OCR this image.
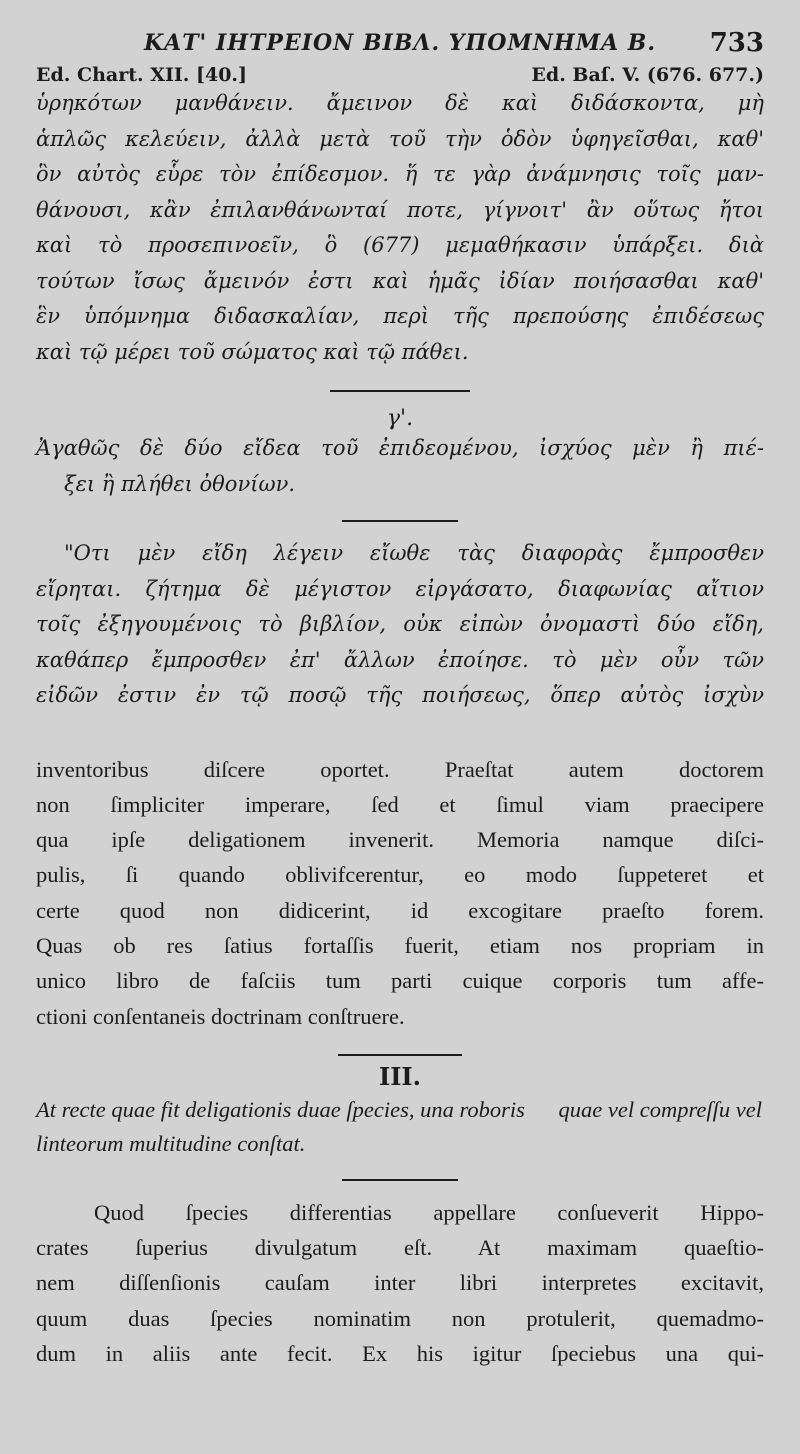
ΚΑΤ' ΙΗΤΡΕΙΟΝ ΒΙΒΛ. ΥΠΟΜΝΗΜΑ Β. 733
Ed. Chart. XII. [40.]	Ed. Baſ. V. (676. 677.)

ὑρηκότων μανθάνειν. ἄμεινον δὲ καὶ διδάσκοντα, μὴ
ἁπλῶς κελεύειν, ἀλλὰ μετὰ τοῦ τὴν ὁδὸν ὑφηγεῖσθαι, καθ'
ὃν αὐτὸς εὗρε τὸν ἐπίδεσμον. ἥ τε γὰρ ἀνάμνησις τοῖς μαν-
θάνουσι, κἂν ἐπιλανθάνωνταί ποτε, γίγνοιτ' ἂν οὕτως ἤτοι
καὶ τὸ προσεπινοεῖν, ὃ (677) μεμαθήκασιν ὑπάρξει. διὰ
τούτων ἴσως ἄμεινόν ἐστι καὶ ἡμᾶς ἰδίαν ποιήσασθαι καθ'
ἓν ὑπόμνημα διδασκαλίαν, περὶ τῆς πρεπούσης ἐπιδέσεως
καὶ τῷ μέρει τοῦ σώματος καὶ τῷ πάθει.

γ'.

Ἀγαθῶς δὲ δύο εἴδεα τοῦ ἐπιδεομένου, ἰσχύος μὲν ἢ πιέ-
ξει ἢ πλήθει ὀθονίων.

"Οτι μὲν εἴδη λέγειν εἴωθε τὰς διαφορὰς ἔμπροσθεν
εἴρηται. ζήτημα δὲ μέγιστον εἰργάσατο, διαφωνίας αἴτιον
τοῖς ἐξηγουμένοις τὸ βιβλίον, οὐκ εἰπὼν ὀνομαστὶ δύο εἴδη,
καθάπερ ἔμπροσθεν ἐπ' ἄλλων ἐποίησε. τὸ μὲν οὖν τῶν
εἰδῶν ἐστιν ἐν τῷ ποσῷ τῆς ποιήσεως, ὅπερ αὐτὸς ἰσχὺν

inventoribus diſcere oportet. Praeſtat autem doctorem
non ſimpliciter imperare, ſed et ſimul viam praecipere
qua ipſe deligationem invenerit. Memoria namque diſci-
pulis, ſi quando oblivifcerentur, eo modo ſuppeteret et
certe quod non didicerint, id excogitare praeſto forem.
Quas ob res ſatius fortaſſis fuerit, etiam nos propriam in
unico libro de faſciis tum parti cuique corporis tum affe-
ctioni conſentaneis doctrinam conſtruere.

III.

At recte quae fit deligationis duae ſpecies, una roboris quae vel compreſſu vel linteorum multitudine conſtat.

Quod ſpecies differentias appellare conſueverit Hippo-
crates ſuperius divulgatum eſt. At maximam quaeſtio-
nem diſſenſionis cauſam inter libri interpretes excitavit,
quum duas ſpecies nominatim non protulerit, quemadmo-
dum in aliis ante fecit. Ex his igitur ſpeciebus una qui-
